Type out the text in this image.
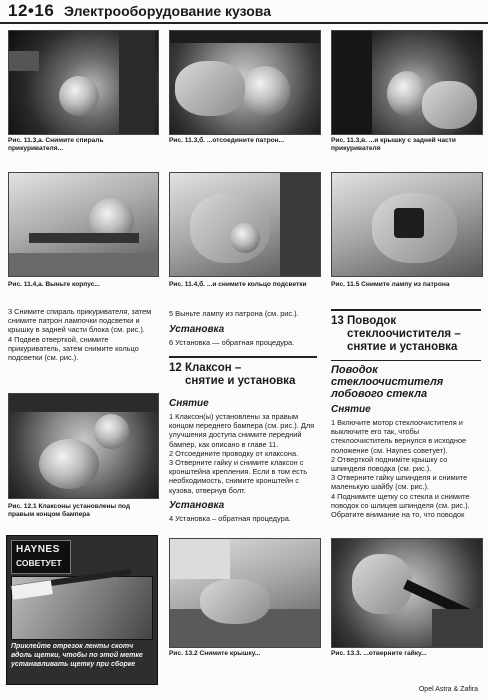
12•16 Электрооборудование кузова
Рис. 11.3,а. Снимите спираль прикуривателя...
Рис. 11.3,б. ...отсоедините патрон...	Рис. 11.3,в. ...и крышку с задней части прикуривателя
Рис. 11.4,а. Выньте корпус...	Рис. 11.4,б. ...и снимите кольцо подсветки	Рис. 11.5 Снимите лампу из патрона

3 Снимите спираль прикуривателя, затем снимите патрон лампочки подсветки и крышку в задней части блока (см. рис.).

4 Подвев отверткой, снимите прикуриватель, затем снимите кольцо подсветки (см. рис.).

5 Выньте лампу из патрона (см. рис.).
Установка
6 Установка — обратная процедура.
12 Клаксон –
снятие и установка
Снятие

1 Клаксон(ы) установлены за правым концом переднего бампера (см. рис.). Для улучшения доступа снимите передний бампер, как описано в главе 11.

2 Отсоедините проводку от клаксона.

3 Отверните гайку и снимите клаксон с кронштейна крепления. Если в том есть необходимость, снимите кронштейн с кузова, отвернув болт.

Установка
4 Установка – обратная процедура.
13 Поводок
стеклоочистителя –
снятие и установка
Поводок
стеклоочистителя
лобового стекла
Снятие

1 Включите мотор стеклоочистителя и выключите его так, чтобы стеклоочиститель вернулся в исходное положение (см. Haynes советует).

2 Отверткой подниміте крышку со шпинделя поводка (см. рис.).

3 Отверните гайку шпинделя и снимите маленькую шайбу (см. рис.).

4 Поднимите щетку со стекла и снимите поводок со шлицев шпинделя (см. рис.). Обратите внимание на то, что поводок

Рис. 12.1 Клаксоны установлены под правым концом бампера
HAYNES
СОВЕТУЕТ
Приклейте отрезок ленты скотч вдоль щетки, чтобы по этой метке устанавливать щетку при сборке
Рис. 13.2 Снимите крышку...	Рис. 13.3. ...отверните гайку...
Opel Astra & Zafira
